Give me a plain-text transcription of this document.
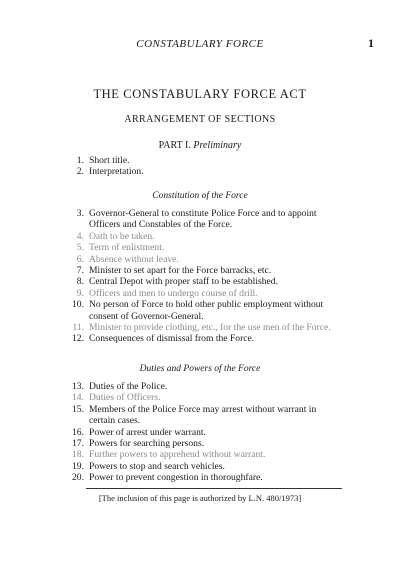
CONSTABULARY FORCE	1
THE CONSTABULARY FORCE ACT
ARRANGEMENT OF SECTIONS
PART I. Preliminary
1. Short title.
2. Interpretation.
Constitution of the Force
3. Governor-General to constitute Police Force and to appoint
Officers and Constables of the Force.
4. Oath to be taken.
5. Term of enlistment.
6. Absence without leave.
7. Minister to set apart for the Force barracks, etc.
8. Central Depot with proper staff to be established.
9. Officers and men to undergo course of drill.
10. No person of Force to hold other public employment without
consent of Governor-General.
11. Minister to provide clothing, etc., for the use men of the Force.
12. Consequences of dismissal from the Force.
Duties and Powers of the Force
13. Duties of the Police.
14. Duties of Officers.
15. Members of the Police Force may arrest without warrant in
certain cases.
16. Power of arrest under warrant.
17. Powers for searching persons.
18. Further powers to apprehend without warrant.
19. Powers to stop and search vehicles.
20. Power to prevent congestion in thoroughfare.
[The inclusion of this page is authorized by L.N. 480/1973]
